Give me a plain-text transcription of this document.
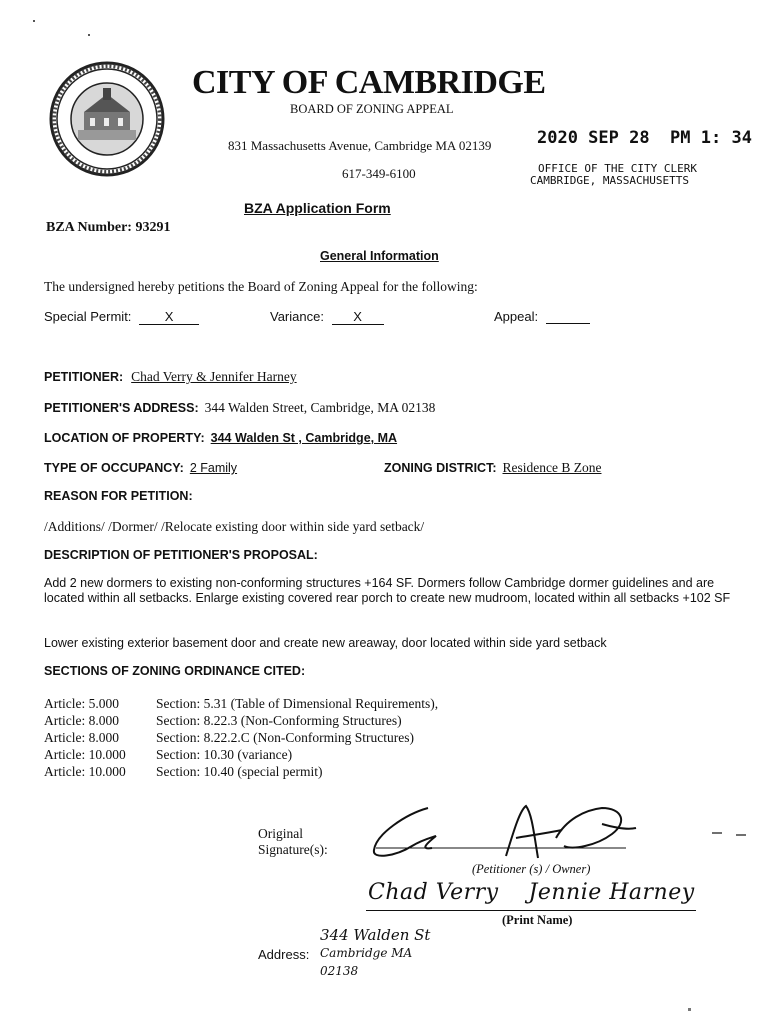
CITY OF CAMBRIDGE
BOARD OF ZONING APPEAL
831 Massachusetts Avenue, Cambridge MA 02139
617-349-6100
2020 SEP 28  PM 1: 34
OFFICE OF THE CITY CLERK
CAMBRIDGE, MASSACHUSETTS
BZA Application Form
BZA Number: 93291
General Information
The undersigned hereby petitions the Board of Zoning Appeal for the following:
Special Permit:	X	Variance: X	Appeal:
PETITIONER: Chad Verry & Jennifer Harney
PETITIONER'S ADDRESS: 344 Walden Street, Cambridge, MA 02138
LOCATION OF PROPERTY: 344 Walden St , Cambridge, MA
TYPE OF OCCUPANCY: 2 Family	ZONING DISTRICT: Residence B Zone
REASON FOR PETITION:
/Additions/ /Dormer/ /Relocate existing door within side yard setback/
DESCRIPTION OF PETITIONER'S PROPOSAL:
Add 2 new dormers to existing non-conforming structures +164 SF. Dormers follow Cambridge dormer guidelines and are located within all setbacks. Enlarge existing covered rear porch to create new mudroom, located within all setbacks +102 SF
Lower existing exterior basement door and create new areaway, door located within side yard setback
SECTIONS OF ZONING ORDINANCE CITED:
Article: 5.000	Section: 5.31 (Table of Dimensional Requirements),
Article: 8.000	Section: 8.22.3 (Non-Conforming Structures)
Article: 8.000	Section: 8.22.2.C (Non-Conforming Structures)
Article: 10.000	Section: 10.30 (variance)
Article: 10.000	Section: 10.40 (special permit)
Original
Signature(s):
(Petitioner (s) / Owner)
Chad Verry    Jennie Harney
(Print Name)
Address:
344 Walden St
Cambridge MA
02138
